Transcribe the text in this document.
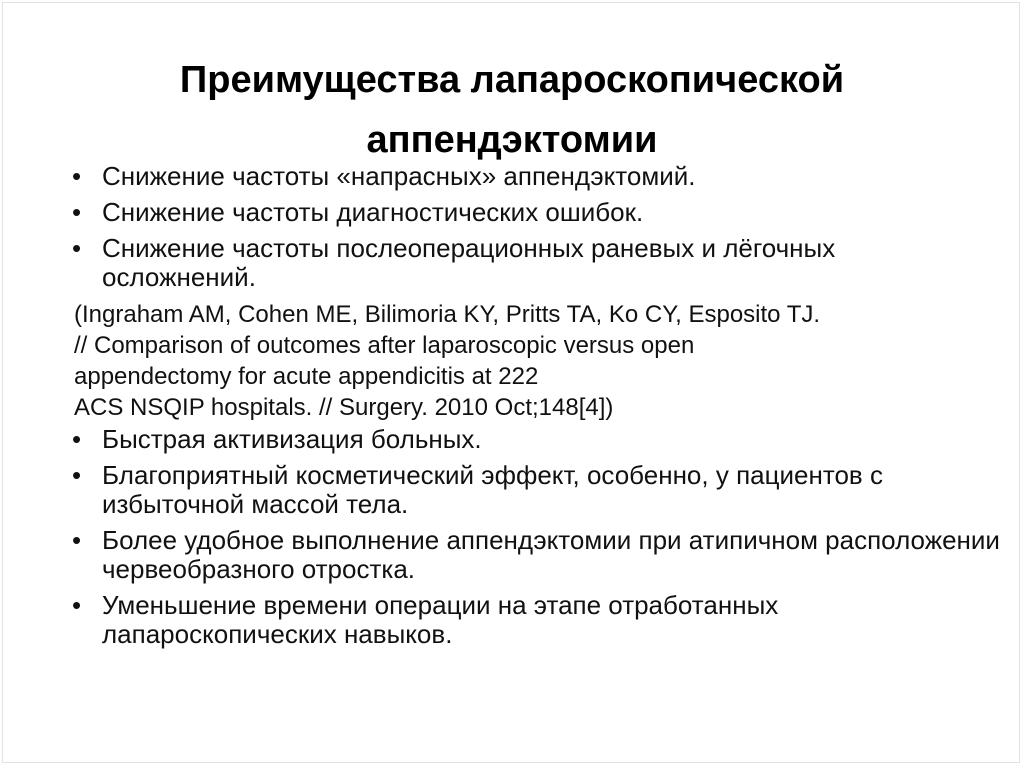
Преимущества лапароскопической
аппендэктомии
• Снижение частоты «напрасных» аппендэктомий.
• Снижение частоты диагностических ошибок.
• Снижение частоты послеоперационных раневых и лёгочных осложнений.

(Ingraham AM, Cohen ME, Bilimoria KY, Pritts TA, Ko CY, Esposito TJ.

// Comparison of outcomes after laparoscopic versus open

appendectomy for acute appendicitis at 222

ACS NSQIP hospitals. // Surgery. 2010 Oct;148[4])

• Быстрая активизация больных.
• Благоприятный косметический эффект, особенно, у пациентов с избыточной массой тела.
• Более удобное выполнение аппендэктомии при атипичном расположении червеобразного отростка.
• Уменьшение времени операции на этапе отработанных лапароскопических навыков.
